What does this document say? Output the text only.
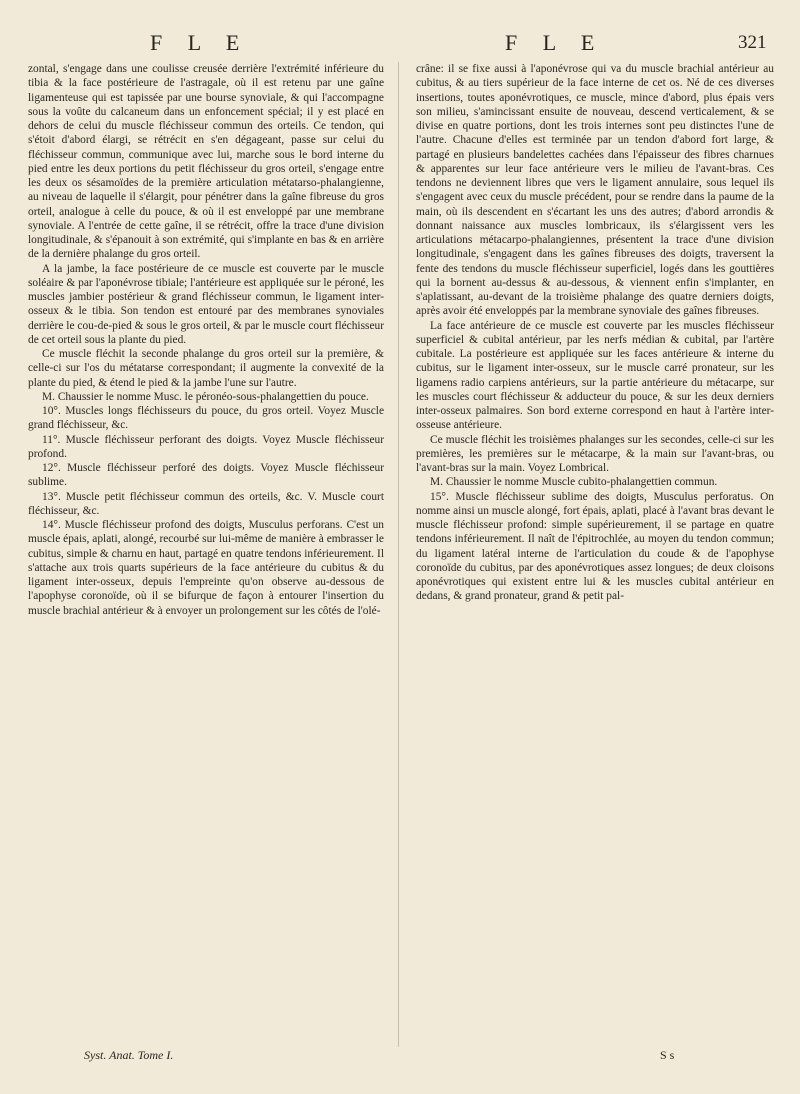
F L E	F L E	321

zontal, s'engage dans une coulisse creusée derrière l'extrémité inférieure du tibia & la face postérieure de l'astragale, où il est retenu par une gaîne ligamenteuse qui est tapissée par une bourse synoviale, & qui l'accompagne sous la voûte du calcaneum dans un enfoncement spécial; il y est placé en dehors de celui du muscle fléchisseur commun des orteils. Ce tendon, qui s'étoit d'abord élargi, se rétrécit en s'en dégageant, passe sur celui du fléchisseur commun, communique avec lui, marche sous le bord interne du pied entre les deux portions du petit fléchisseur du gros orteil, s'engage entre les deux os sésamoïdes de la première articulation métatarso-phalangienne, au niveau de laquelle il s'élargit, pour pénétrer dans la gaîne fibreuse du gros orteil, analogue à celle du pouce, & où il est enveloppé par une membrane synoviale. A l'entrée de cette gaîne, il se rétrécit, offre la trace d'une division longitudinale, & s'épanouit à son extrémité, qui s'implante en bas & en arrière de la dernière phalange du gros orteil.

A la jambe, la face postérieure de ce muscle est couverte par le muscle soléaire & par l'aponévrose tibiale; l'antérieure est appliquée sur le péroné, les muscles jambier postérieur & grand fléchisseur commun, le ligament inter-osseux & le tibia. Son tendon est entouré par des membranes synoviales derrière le cou-de-pied & sous le gros orteil, & par le muscle court fléchisseur de cet orteil sous la plante du pied.

Ce muscle fléchit la seconde phalange du gros orteil sur la première, & celle-ci sur l'os du métatarse correspondant; il augmente la convexité de la plante du pied, & étend le pied & la jambe l'une sur l'autre.

M. Chaussier le nomme Musc. le péronéo-sous-phalangettien du pouce.

10°. Muscles longs fléchisseurs du pouce, du gros orteil. Voyez Muscle grand fléchisseur, &c.

11°. Muscle fléchisseur perforant des doigts. Voyez Muscle fléchisseur profond.

12°. Muscle fléchisseur perforé des doigts. Voyez Muscle fléchisseur sublime.

13°. Muscle petit fléchisseur commun des orteils, &c. V. Muscle court fléchisseur, &c.

14°. Muscle fléchisseur profond des doigts, Musculus perforans. C'est un muscle épais, aplati, alongé, recourbé sur lui-même de manière à embrasser le cubitus, simple & charnu en haut, partagé en quatre tendons inférieurement. Il s'attache aux trois quarts supérieurs de la face antérieure du cubitus & du ligament inter-osseux, depuis l'empreinte qu'on observe au-dessous de l'apophyse coronoïde, où il se bifurque de façon à entourer l'insertion du muscle brachial antérieur & à envoyer un prolongement sur les côtés de l'olé-

crâne: il se fixe aussi à l'aponévrose qui va du muscle brachial antérieur au cubitus, & au tiers supérieur de la face interne de cet os. Né de ces diverses insertions, toutes aponévrotiques, ce muscle, mince d'abord, plus épais vers son milieu, s'amincissant ensuite de nouveau, descend verticalement, & se divise en quatre portions, dont les trois internes sont peu distinctes l'une de l'autre. Chacune d'elles est terminée par un tendon d'abord fort large, & partagé en plusieurs bandelettes cachées dans l'épaisseur des fibres charnues & apparentes sur leur face antérieure vers le milieu de l'avant-bras. Ces tendons ne deviennent libres que vers le ligament annulaire, sous lequel ils s'engagent avec ceux du muscle précédent, pour se rendre dans la paume de la main, où ils descendent en s'écartant les uns des autres; d'abord arrondis & donnant naissance aux muscles lombricaux, ils s'élargissent vers les articulations métacarpo-phalangiennes, présentent la trace d'une division longitudinale, s'engagent dans les gaînes fibreuses des doigts, traversent la fente des tendons du muscle fléchisseur superficiel, logés dans les gouttières qui la bornent au-dessus & au-dessous, & viennent enfin s'implanter, en s'aplatissant, au-devant de la troisième phalange des quatre derniers doigts, après avoir été enveloppés par la membrane synoviale des gaînes fibreuses.

La face antérieure de ce muscle est couverte par les muscles fléchisseur superficiel & cubital antérieur, par les nerfs médian & cubital, par l'artère cubitale. La postérieure est appliquée sur les faces antérieure & interne du cubitus, sur le ligament inter-osseux, sur le muscle carré pronateur, sur les ligamens radio carpiens antérieurs, sur la partie antérieure du métacarpe, sur les muscles court fléchisseur & adducteur du pouce, & sur les deux derniers inter-osseux palmaires. Son bord externe correspond en haut à l'artère inter-osseuse antérieure.

Ce muscle fléchit les troisièmes phalanges sur les secondes, celle-ci sur les premières, les premières sur le métacarpe, & la main sur l'avant-bras, ou l'avant-bras sur la main. Voyez Lombrical.

M. Chaussier le nomme Muscle cubito-phalangettien commun.

15°. Muscle fléchisseur sublime des doigts, Musculus perforatus. On nomme ainsi un muscle alongé, fort épais, aplati, placé à l'avant bras devant le muscle fléchisseur profond: simple supérieurement, il se partage en quatre tendons inférieurement. Il naît de l'épitrochlée, au moyen du tendon commun; du ligament latéral interne de l'articulation du coude & de l'apophyse coronoïde du cubitus, par des aponévrotiques assez longues; de deux cloisons aponévrotiques qui existent entre lui & les muscles cubital antérieur en dedans, & grand pronateur, grand & petit pal-

Syst. Anat. Tome I.	S s
